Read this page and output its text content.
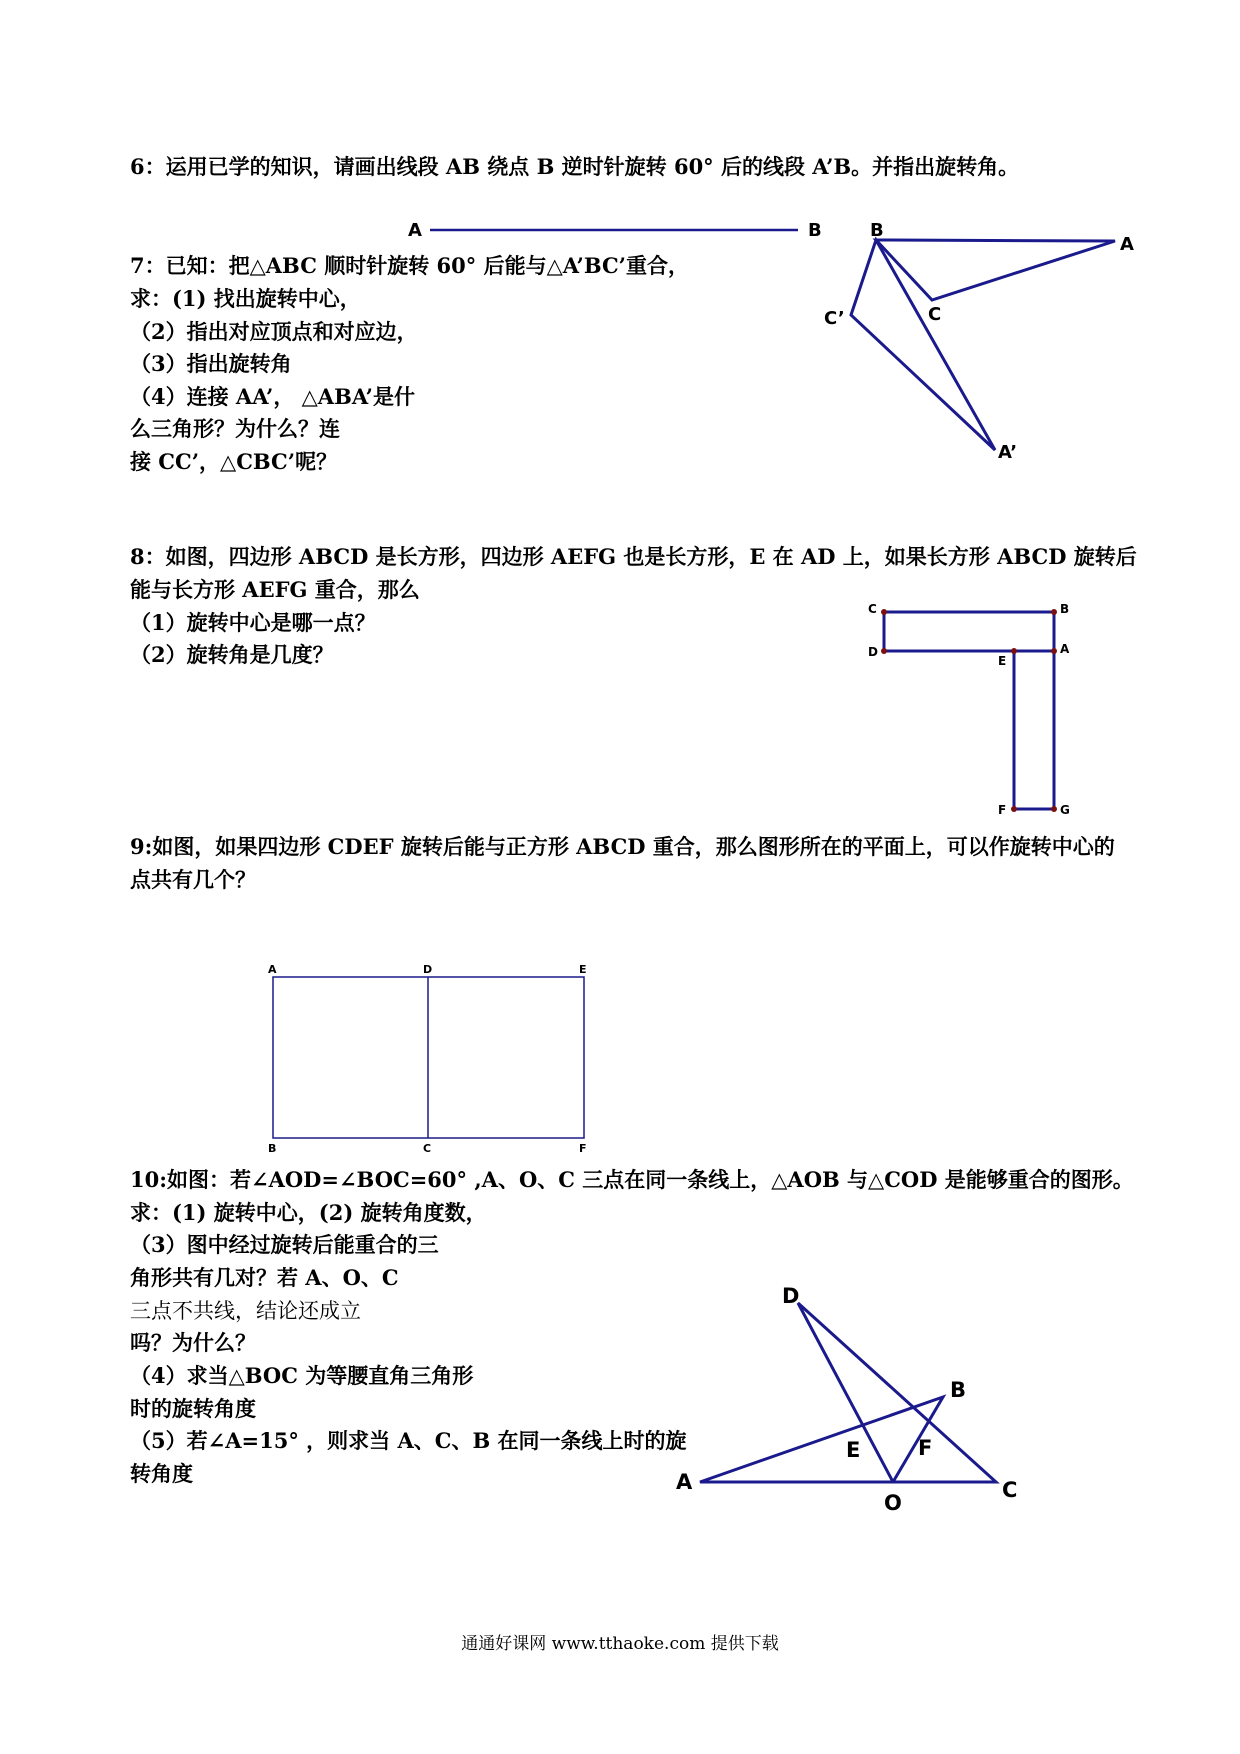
6：运用已学的知识，请画出线段 AB 绕点 B 逆时针旋转 60° 后的线段 A’B。并指出旋转角。
A	B
7：已知：把△ABC 顺时针旋转 60° 后能与△A’BC’重合，
求：(1) 找出旋转中心，
（2）指出对应顶点和对应边，
（3）指出旋转角
（4）连接 AA’， △ABA’是什
么三角形？为什么？连
接 CC’，△CBC’呢？
B
A
C
C’
A’
8：如图，四边形 ABCD 是长方形，四边形 AEFG 也是长方形，E 在 AD 上，如果长方形 ABCD 旋转后
能与长方形 AEFG 重合，那么
（1）旋转中心是哪一点？
（2）旋转角是几度？
C	B
D
E
A
F	G
9:如图，如果四边形 CDEF 旋转后能与正方形 ABCD 重合，那么图形所在的平面上，可以作旋转中心的
点共有几个？
A	D	E
B	C	F
10:如图：若∠AOD=∠BOC=60° ,A、O、C 三点在同一条线上，△AOB 与△COD 是能够重合的图形。
求：(1) 旋转中心，(2) 旋转角度数，
（3）图中经过旋转后能重合的三
角形共有几对？若 A、O、C
三点不共线，结论还成立
吗？为什么？
（4）求当△BOC 为等腰直角三角形
时的旋转角度
（5）若∠A=15° ，则求当 A、C、B 在同一条线上时的旋
转角度
D
B
E	F
A
O
C
通通好课网 www.tthaoke.com 提供下载
